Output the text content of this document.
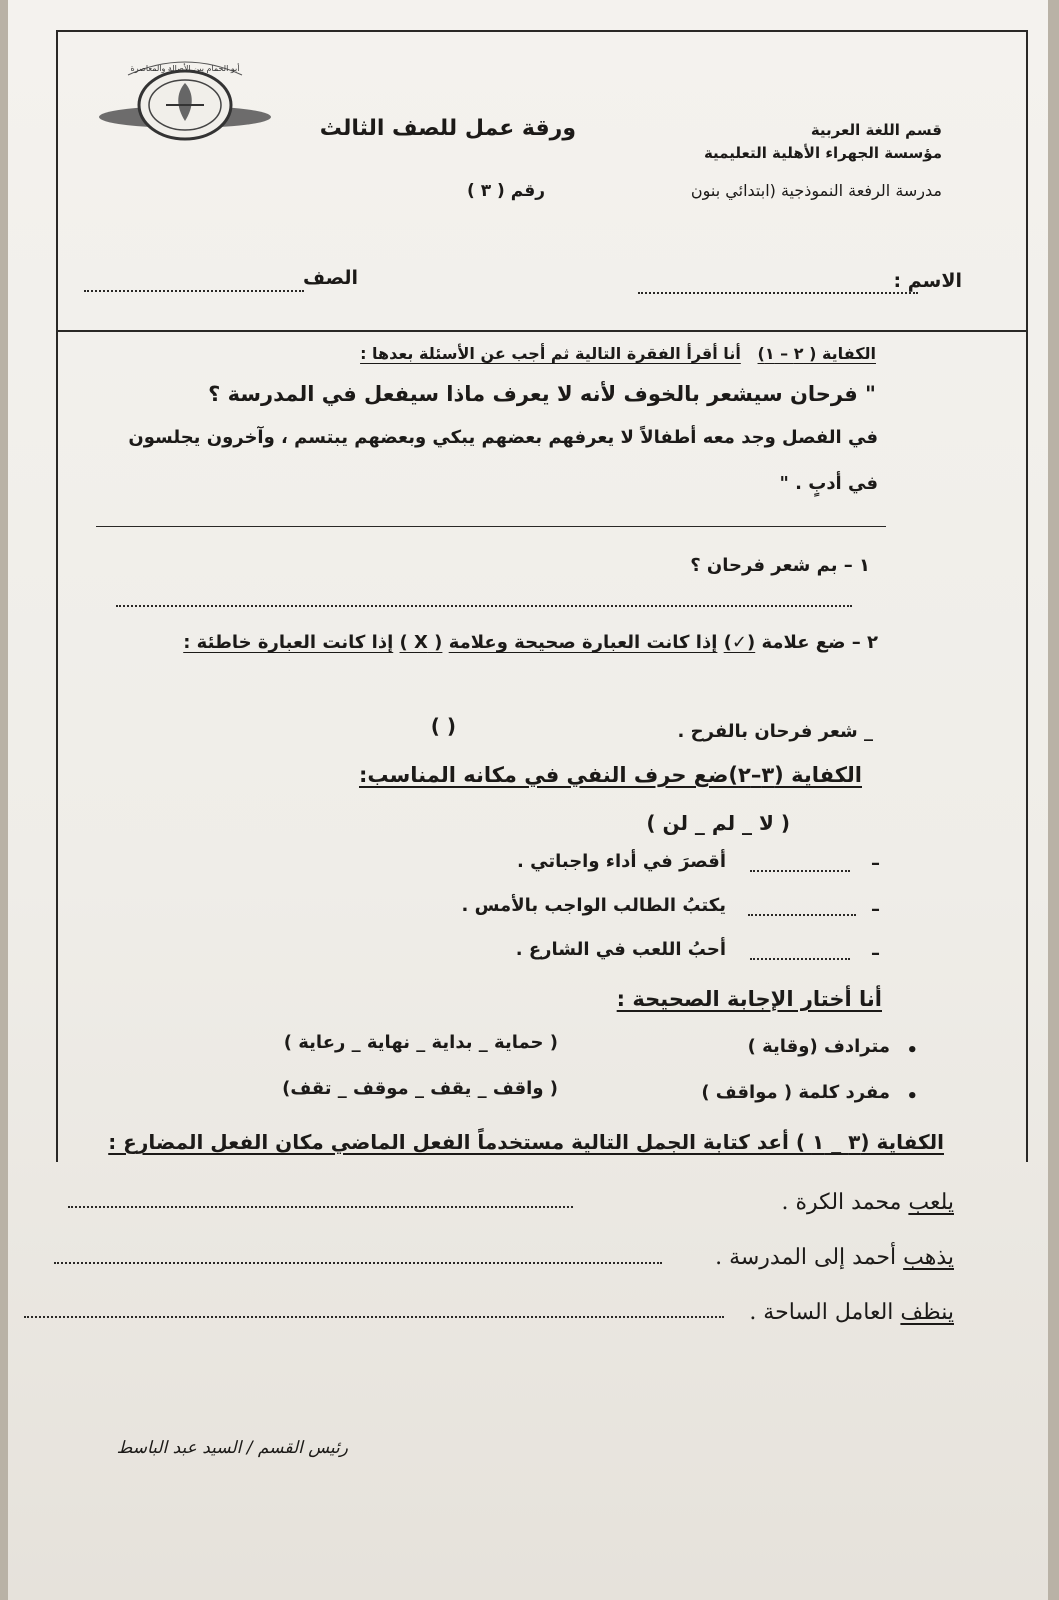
أبو الحمام بين الأصالة والمعاصرة
قسم اللغة العربية
مؤسسة الجهراء الأهلية التعليمية
مدرسة الرفعة النموذجية (ابتدائي بنون
ورقة عمل للصف الثالث
رقم ( ٣ )
الاسم :
الصف
الكفاية ( ٢ – ١)   أنا أقرأ الفقرة التالية ثم أجب عن الأسئلة بعدها :
" فرحان سيشعر بالخوف لأنه لا يعرف ماذا سيفعل في المدرسة ؟
في الفصل وجد معه أطفالاً لا يعرفهم بعضهم يبكي وبعضهم يبتسم ، وآخرون يجلسون
في أدبٍ . "
١ – بم شعر فرحان ؟
٢ – ضع علامة (✓) إذا كانت العبارة صحيحة وعلامة ( X ) إذا كانت العبارة خاطئة :
_ شعر فرحان بالفرح .
( )
الكفاية (٣–٢)ضع حرف النفي في مكانه المناسب:
( لا _ لم _ لن )
–
أقصرَ في أداء واجباتي .
–
يكتبُ الطالب الواجب بالأمس .
–
أحبُ اللعب في الشارع .
أنا أختار الإجابة الصحيحة :
•
مترادف (وقاية )
( حماية _ بداية _ نهاية _ رعاية )
•
مفرد كلمة ( مواقف )
( واقف _ يقف _ موقف _ تقف)
الكفاية (٣ _ ١ ) أعد كتابة الجمل التالية مستخدماً الفعل الماضي مكان الفعل المضارع :
يلعب محمد الكرة .
يذهب أحمد إلى المدرسة .
ينظف العامل الساحة .
رئيس القسم / السيد عبد الباسط
